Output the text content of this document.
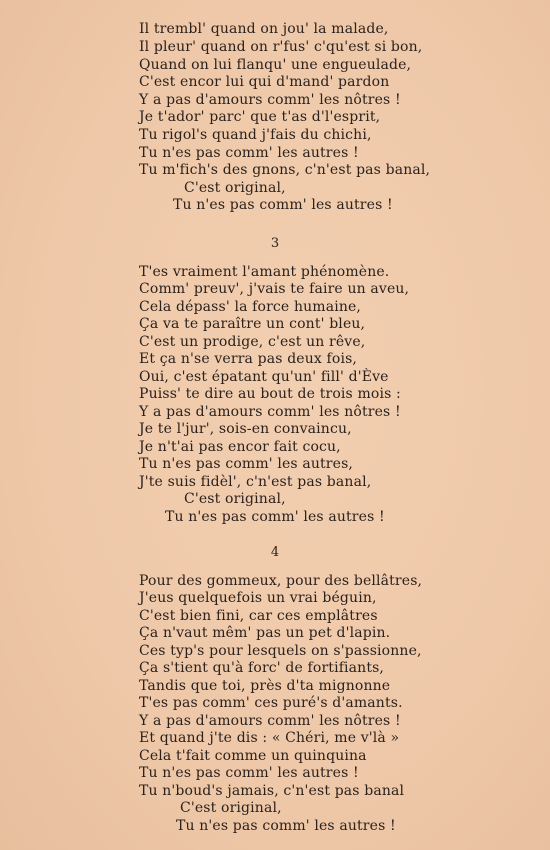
Il trembl' quand on jou' la malade,
Il pleur' quand on r'fus' c'qu'est si bon,
Quand on lui flanqu' une engueulade,
C'est encor lui qui d'mand' pardon
Y a pas d'amours comm' les nôtres !
Je t'ador' parc' que t'as d'l'esprit,
Tu rigol's quand j'fais du chichi,
Tu n'es pas comm' les autres !
Tu m'fich's des gnons, c'n'est pas banal,
C'est original,
Tu n'es pas comm' les autres !
3
T'es vraiment l'amant phénomène.
Comm' preuv', j'vais te faire un aveu,
Cela dépass' la force humaine,
Ça va te paraître un cont' bleu,
C'est un prodige, c'est un rêve,
Et ça n'se verra pas deux fois,
Oui, c'est épatant qu'un' fill' d'Ève
Puiss' te dire au bout de trois mois :
Y a pas d'amours comm' les nôtres !
Je te l'jur', sois-en convaincu,
Je n't'ai pas encor fait cocu,
Tu n'es pas comm' les autres,
J'te suis fidèl', c'n'est pas banal,
C'est original,
Tu n'es pas comm' les autres !
4
Pour des gommeux, pour des bellâtres,
J'eus quelquefois un vrai béguin,
C'est bien fini, car ces emplâtres
Ça n'vaut mêm' pas un pet d'lapin.
Ces typ's pour lesquels on s'passionne,
Ça s'tient qu'à forc' de fortifiants,
Tandis que toi, près d'ta mignonne
T'es pas comm' ces puré's d'amants.
Y a pas d'amours comm' les nôtres !
Et quand j'te dis : « Chéri, me v'là »
Cela t'fait comme un quinquina
Tu n'es pas comm' les autres !
Tu n'boud's jamais, c'n'est pas banal
C'est original,
Tu n'es pas comm' les autres !
